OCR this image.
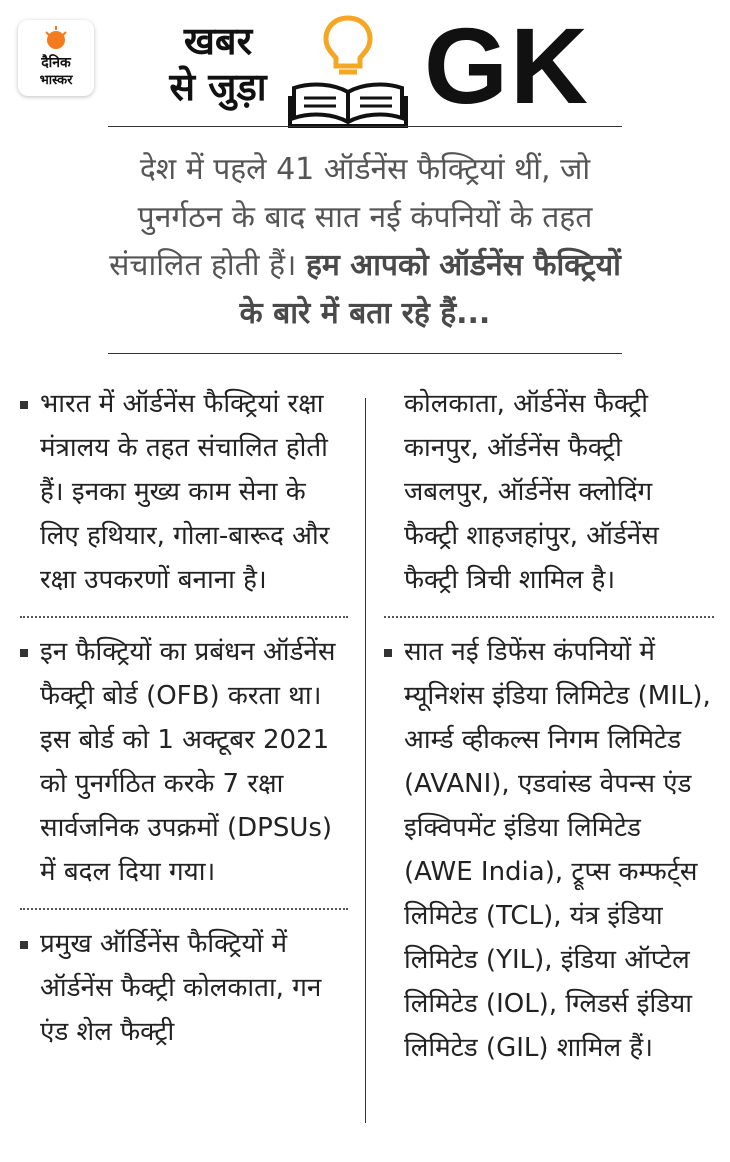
दैनिक
भास्कर
खबर
से जुड़ा GK
देश में पहले 41 ऑर्डनेंस फैक्ट्रियां थीं, जो पुनर्गठन के बाद सात नई कंपनियों के तहत संचालित होती हैं। हम आपको ऑर्डनेंस फैक्ट्रियों के बारे में बता रहे हैं...
भारत में ऑर्डनेंस फैक्ट्रियां रक्षा मंत्रालय के तहत संचालित होती हैं। इनका मुख्य काम सेना के लिए हथियार, गोला-बारूद और रक्षा उपकरणों बनाना है।
इन फैक्ट्रियों का प्रबंधन ऑर्डनेंस फैक्ट्री बोर्ड (OFB) करता था। इस बोर्ड को 1 अक्टूबर 2021 को पुनर्गठित करके 7 रक्षा सार्वजनिक उपक्रमों (DPSUs) में बदल दिया गया।
प्रमुख ऑर्डिनेंस फैक्ट्रियों में ऑर्डनेंस फैक्ट्री कोलकाता, गन एंड शेल फैक्ट्री
कोलकाता, ऑर्डनेंस फैक्ट्री कानपुर, ऑर्डनेंस फैक्ट्री जबलपुर, ऑर्डनेंस क्लोदिंग फैक्ट्री शाहजहांपुर, ऑर्डनेंस फैक्ट्री त्रिची शामिल है।
सात नई डिफेंस कंपनियों में म्यूनिशंस इंडिया लिमिटेड (MIL), आर्म्ड व्हीकल्स निगम लिमिटेड (AVANI), एडवांस्ड वेपन्स एंड इक्विपमेंट इंडिया लिमिटेड (AWE India), ट्रूप्स कम्फर्ट्स लिमिटेड (TCL), यंत्र इंडिया लिमिटेड (YIL), इंडिया ऑप्टेल लिमिटेड (IOL), ग्लिडर्स इंडिया लिमिटेड (GIL) शामिल हैं।
